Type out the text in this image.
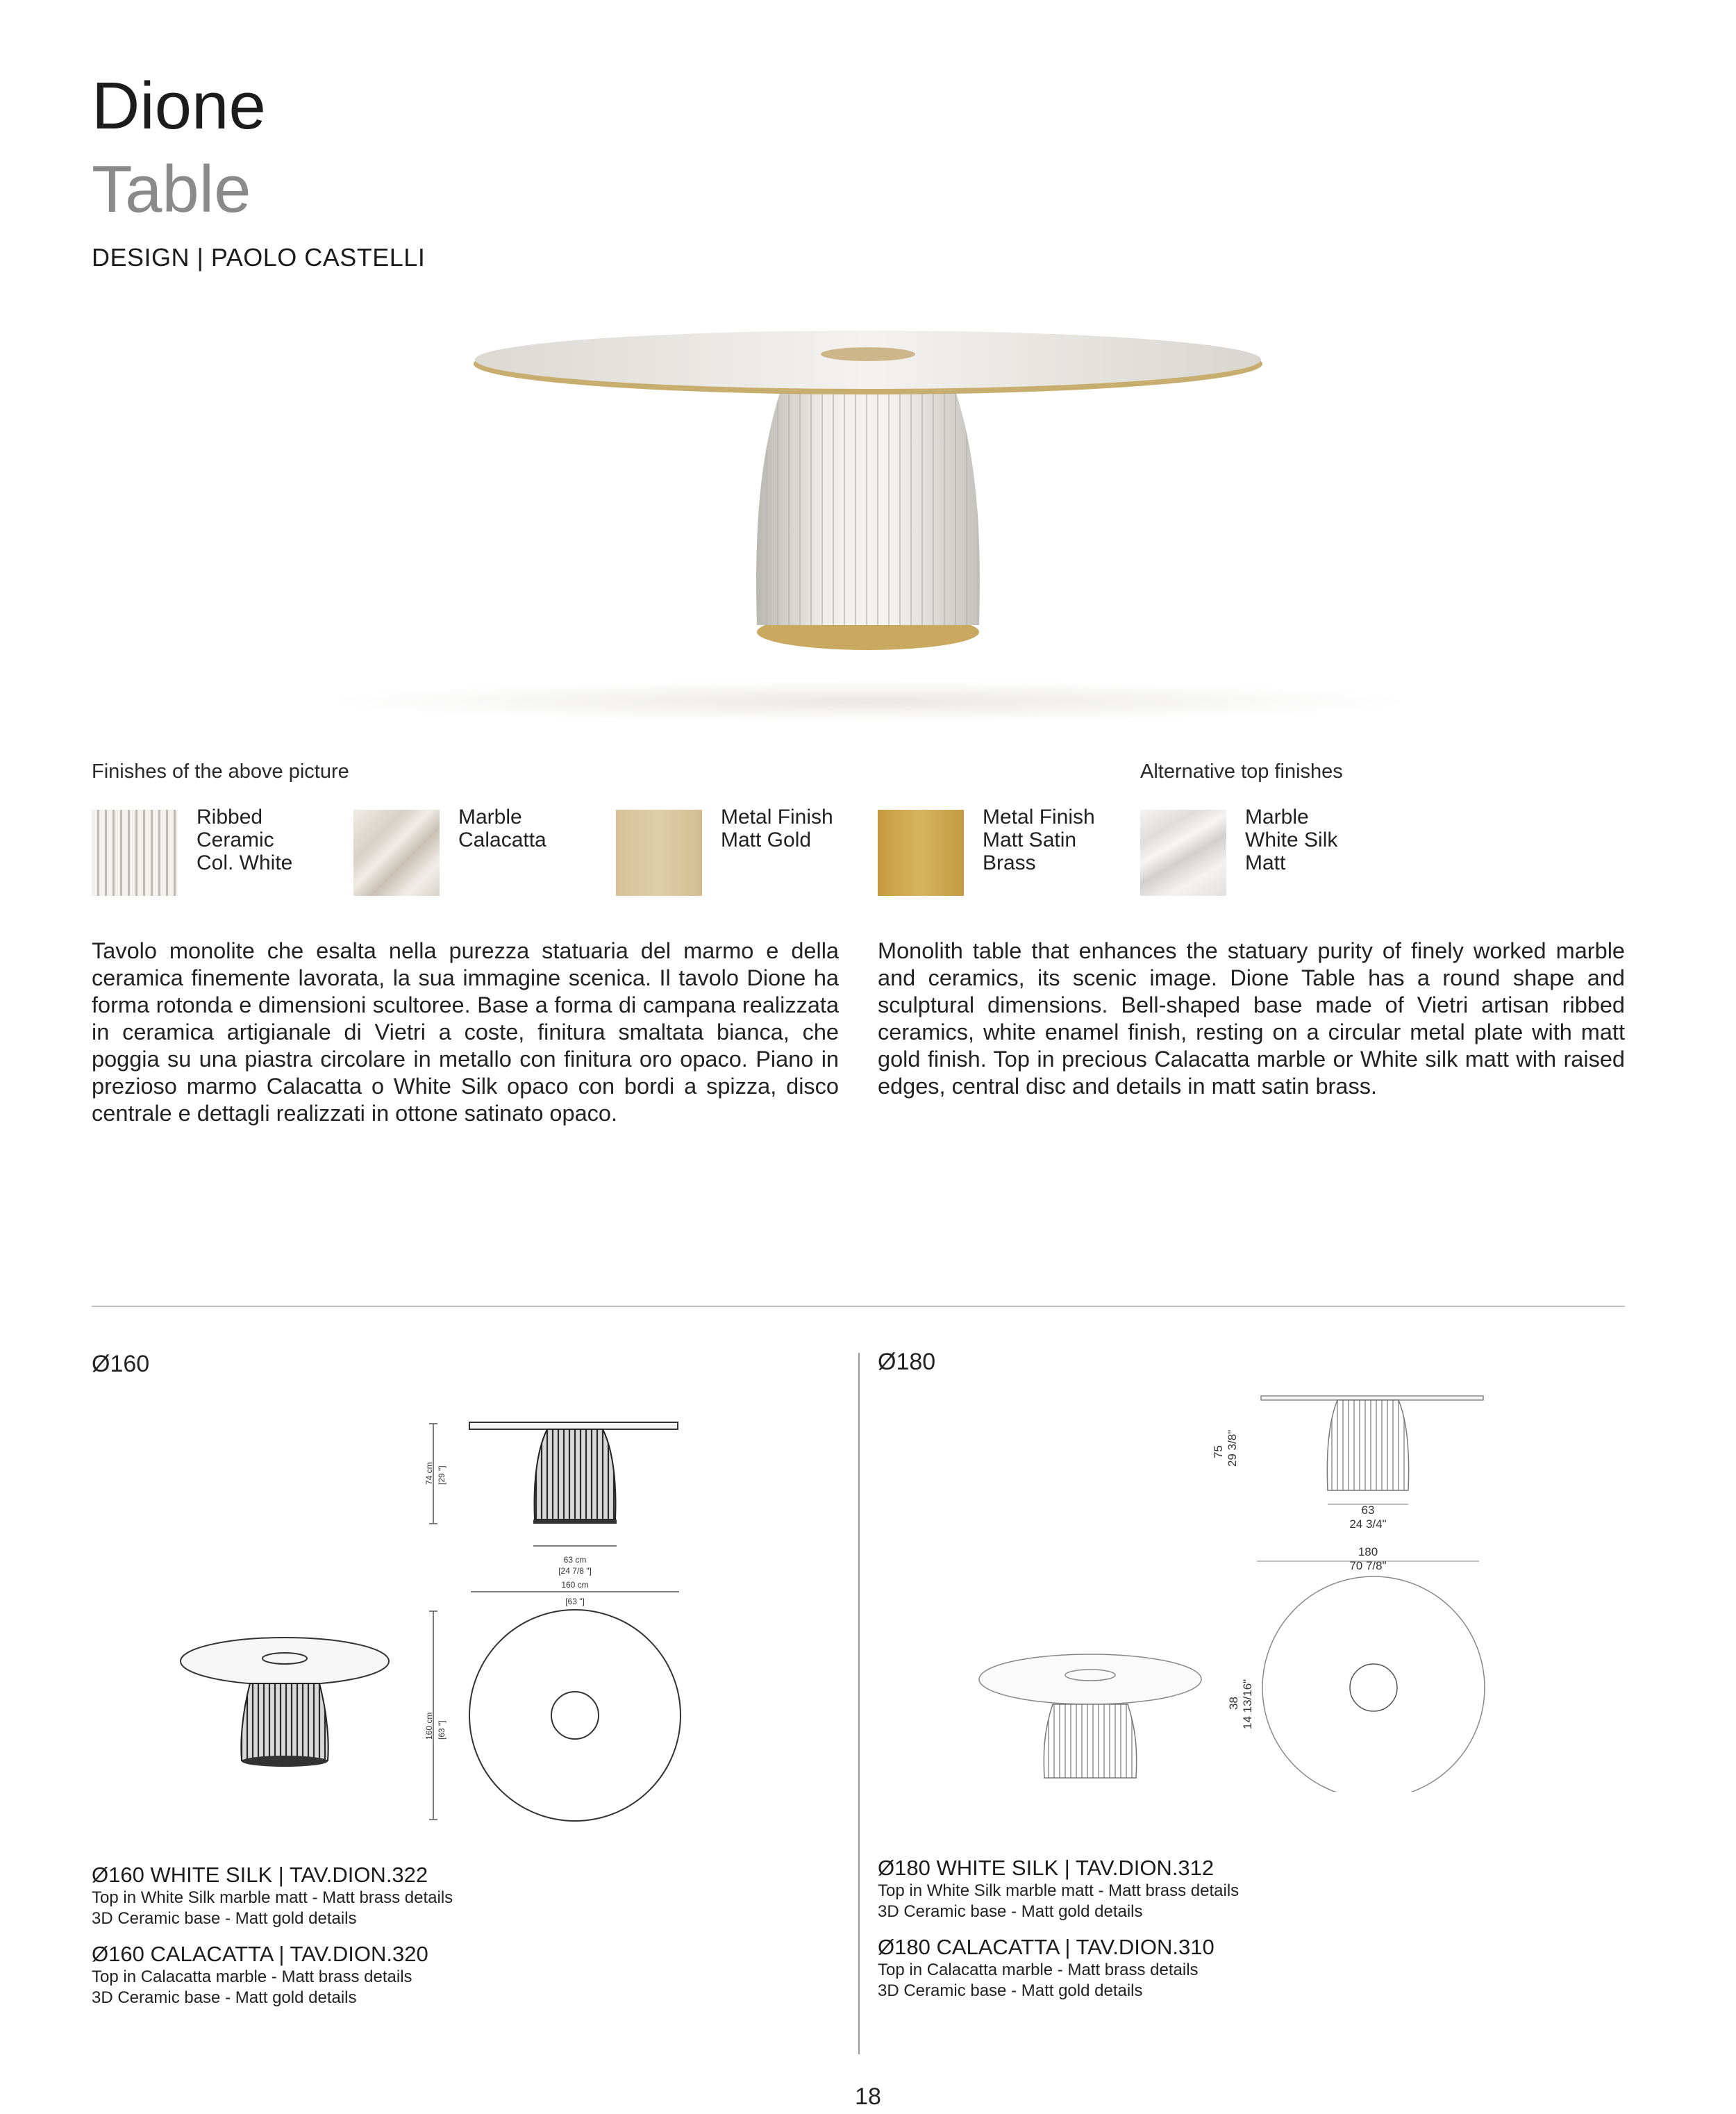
Dione
Table
DESIGN | PAOLO CASTELLI
Finishes of the above picture	Alternative top finishes
Ribbed
Ceramic
Col. White
Marble
Calacatta
Metal Finish
Matt Gold
Metal Finish
Matt Satin
Brass
Marble
White Silk
Matt
Tavolo monolite che esalta nella purezza statuaria del marmo e della ceramica finemente lavorata, la sua immagine scenica. Il tavolo Dione ha forma rotonda e dimensioni scultoree. Base a forma di campana realizzata in ceramica artigianale di Vietri a coste, finitura smaltata bianca, che poggia su una piastra circolare in metallo con finitura oro opaco. Piano in prezioso marmo Calacatta o White Silk opaco con bordi a spizza, disco centrale e dettagli realizzati in ottone satinato opaco.
Monolith table that enhances the statuary purity of finely worked marble and ceramics, its scenic image. Dione Table has a round shape and sculptural dimensions. Bell-shaped base made of Vietri artisan ribbed ceramics, white enamel finish, resting on a circular metal plate with matt gold finish. Top in precious Calacatta marble or White silk matt with raised edges, central disc and details in matt satin brass.
Ø160
74 cm [29 "]
63 cm
[24 7/8 "]
160 cm
[63 "]
160 cm [63 "]
Ø160 WHITE SILK | TAV.DION.322
Top in White Silk marble matt - Matt brass details
3D Ceramic base - Matt gold details
Ø160 CALACATTA | TAV.DION.320
Top in Calacatta marble - Matt brass details
3D Ceramic base - Matt gold details
Ø180
75 29 3/8"
63
24 3/4"
180
70 7/8"
38 14 13/16"
Ø180 WHITE SILK | TAV.DION.312
Top in White Silk marble matt - Matt brass details
3D Ceramic base - Matt gold details
Ø180 CALACATTA | TAV.DION.310
Top in Calacatta marble - Matt brass details
3D Ceramic base - Matt gold details
18
